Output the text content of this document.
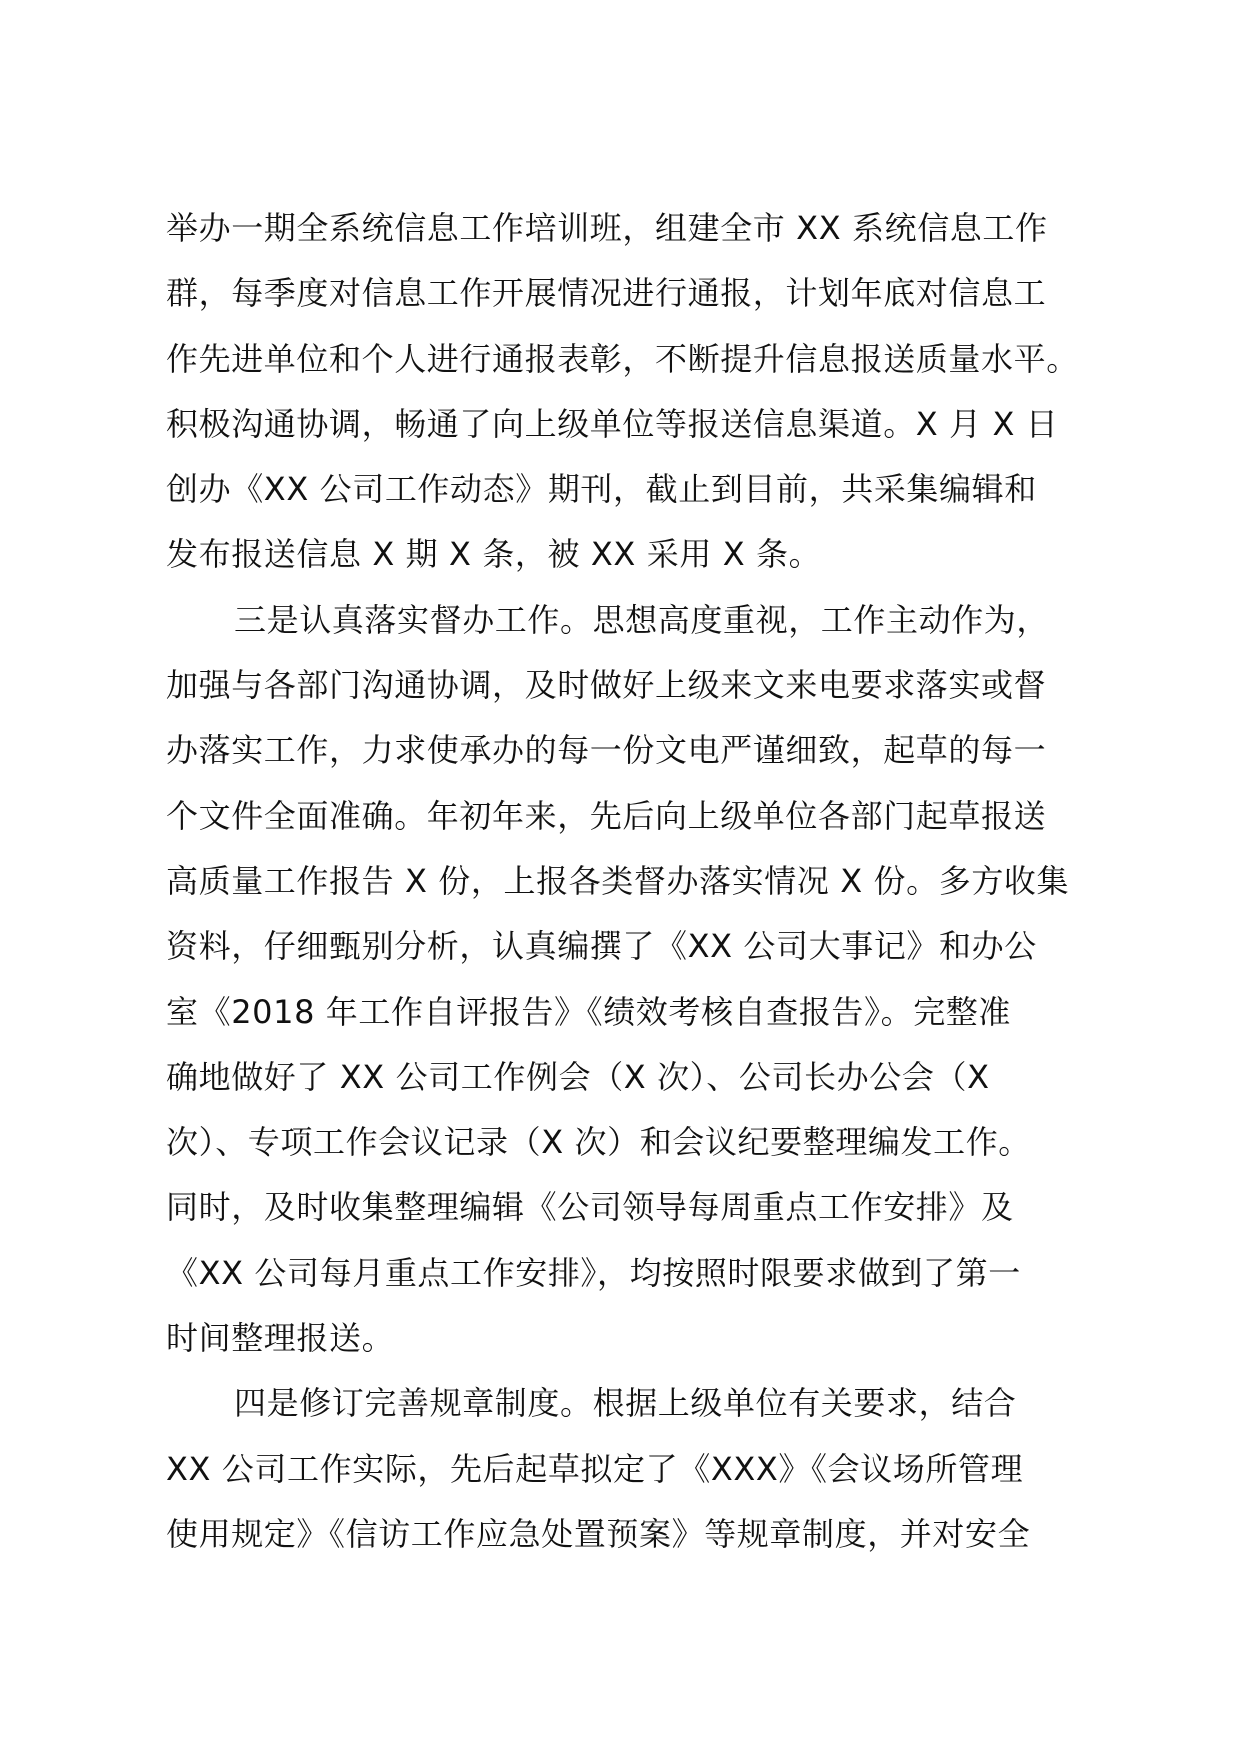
举办一期全系统信息工作培训班，组建全市 XX 系统信息工作
群，每季度对信息工作开展情况进行通报，计划年底对信息工
作先进单位和个人进行通报表彰，不断提升信息报送质量水平。
积极沟通协调，畅通了向上级单位等报送信息渠道。X 月 X 日
创办《XX 公司工作动态》期刊，截止到目前，共采集编辑和
发布报送信息 X 期 X 条，被 XX 采用 X 条。
三是认真落实督办工作。思想高度重视，工作主动作为，
加强与各部门沟通协调，及时做好上级来文来电要求落实或督
办落实工作，力求使承办的每一份文电严谨细致，起草的每一
个文件全面准确。年初年来，先后向上级单位各部门起草报送
高质量工作报告 X 份，上报各类督办落实情况 X 份。多方收集
资料，仔细甄别分析，认真编撰了《XX 公司大事记》和办公
室《2018 年工作自评报告》《绩效考核自查报告》。完整准
确地做好了 XX 公司工作例会（X 次）、公司长办公会（X
次）、专项工作会议记录（X 次）和会议纪要整理编发工作。
同时，及时收集整理编辑《公司领导每周重点工作安排》及
《XX 公司每月重点工作安排》，均按照时限要求做到了第一
时间整理报送。
四是修订完善规章制度。根据上级单位有关要求，结合
XX 公司工作实际，先后起草拟定了《XXX》《会议场所管理
使用规定》《信访工作应急处置预案》等规章制度，并对安全
